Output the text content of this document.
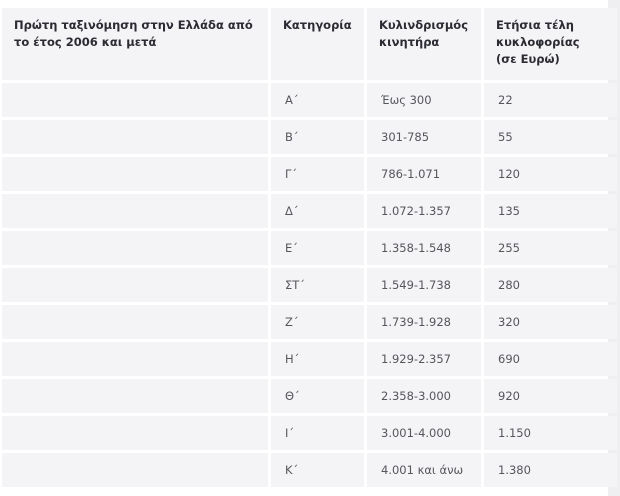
Πρώτη ταξινόμηση στην Ελλάδα από το έτος 2006 και μετά	Κατηγορία	Κυλινδρισμός κινητήρα	Ετήσια τέλη κυκλοφορίας (σε Ευρώ)
	Α΄	Έως 300	22
	Β΄	301-785	55
	Γ΄	786-1.071	120
	Δ΄	1.072-1.357	135
	Ε΄	1.358-1.548	255
	ΣΤ΄	1.549-1.738	280
	Ζ΄	1.739-1.928	320
	Η΄	1.929-2.357	690
	Θ΄	2.358-3.000	920
	Ι΄	3.001-4.000	1.150
	Κ΄	4.001 και άνω	1.380
